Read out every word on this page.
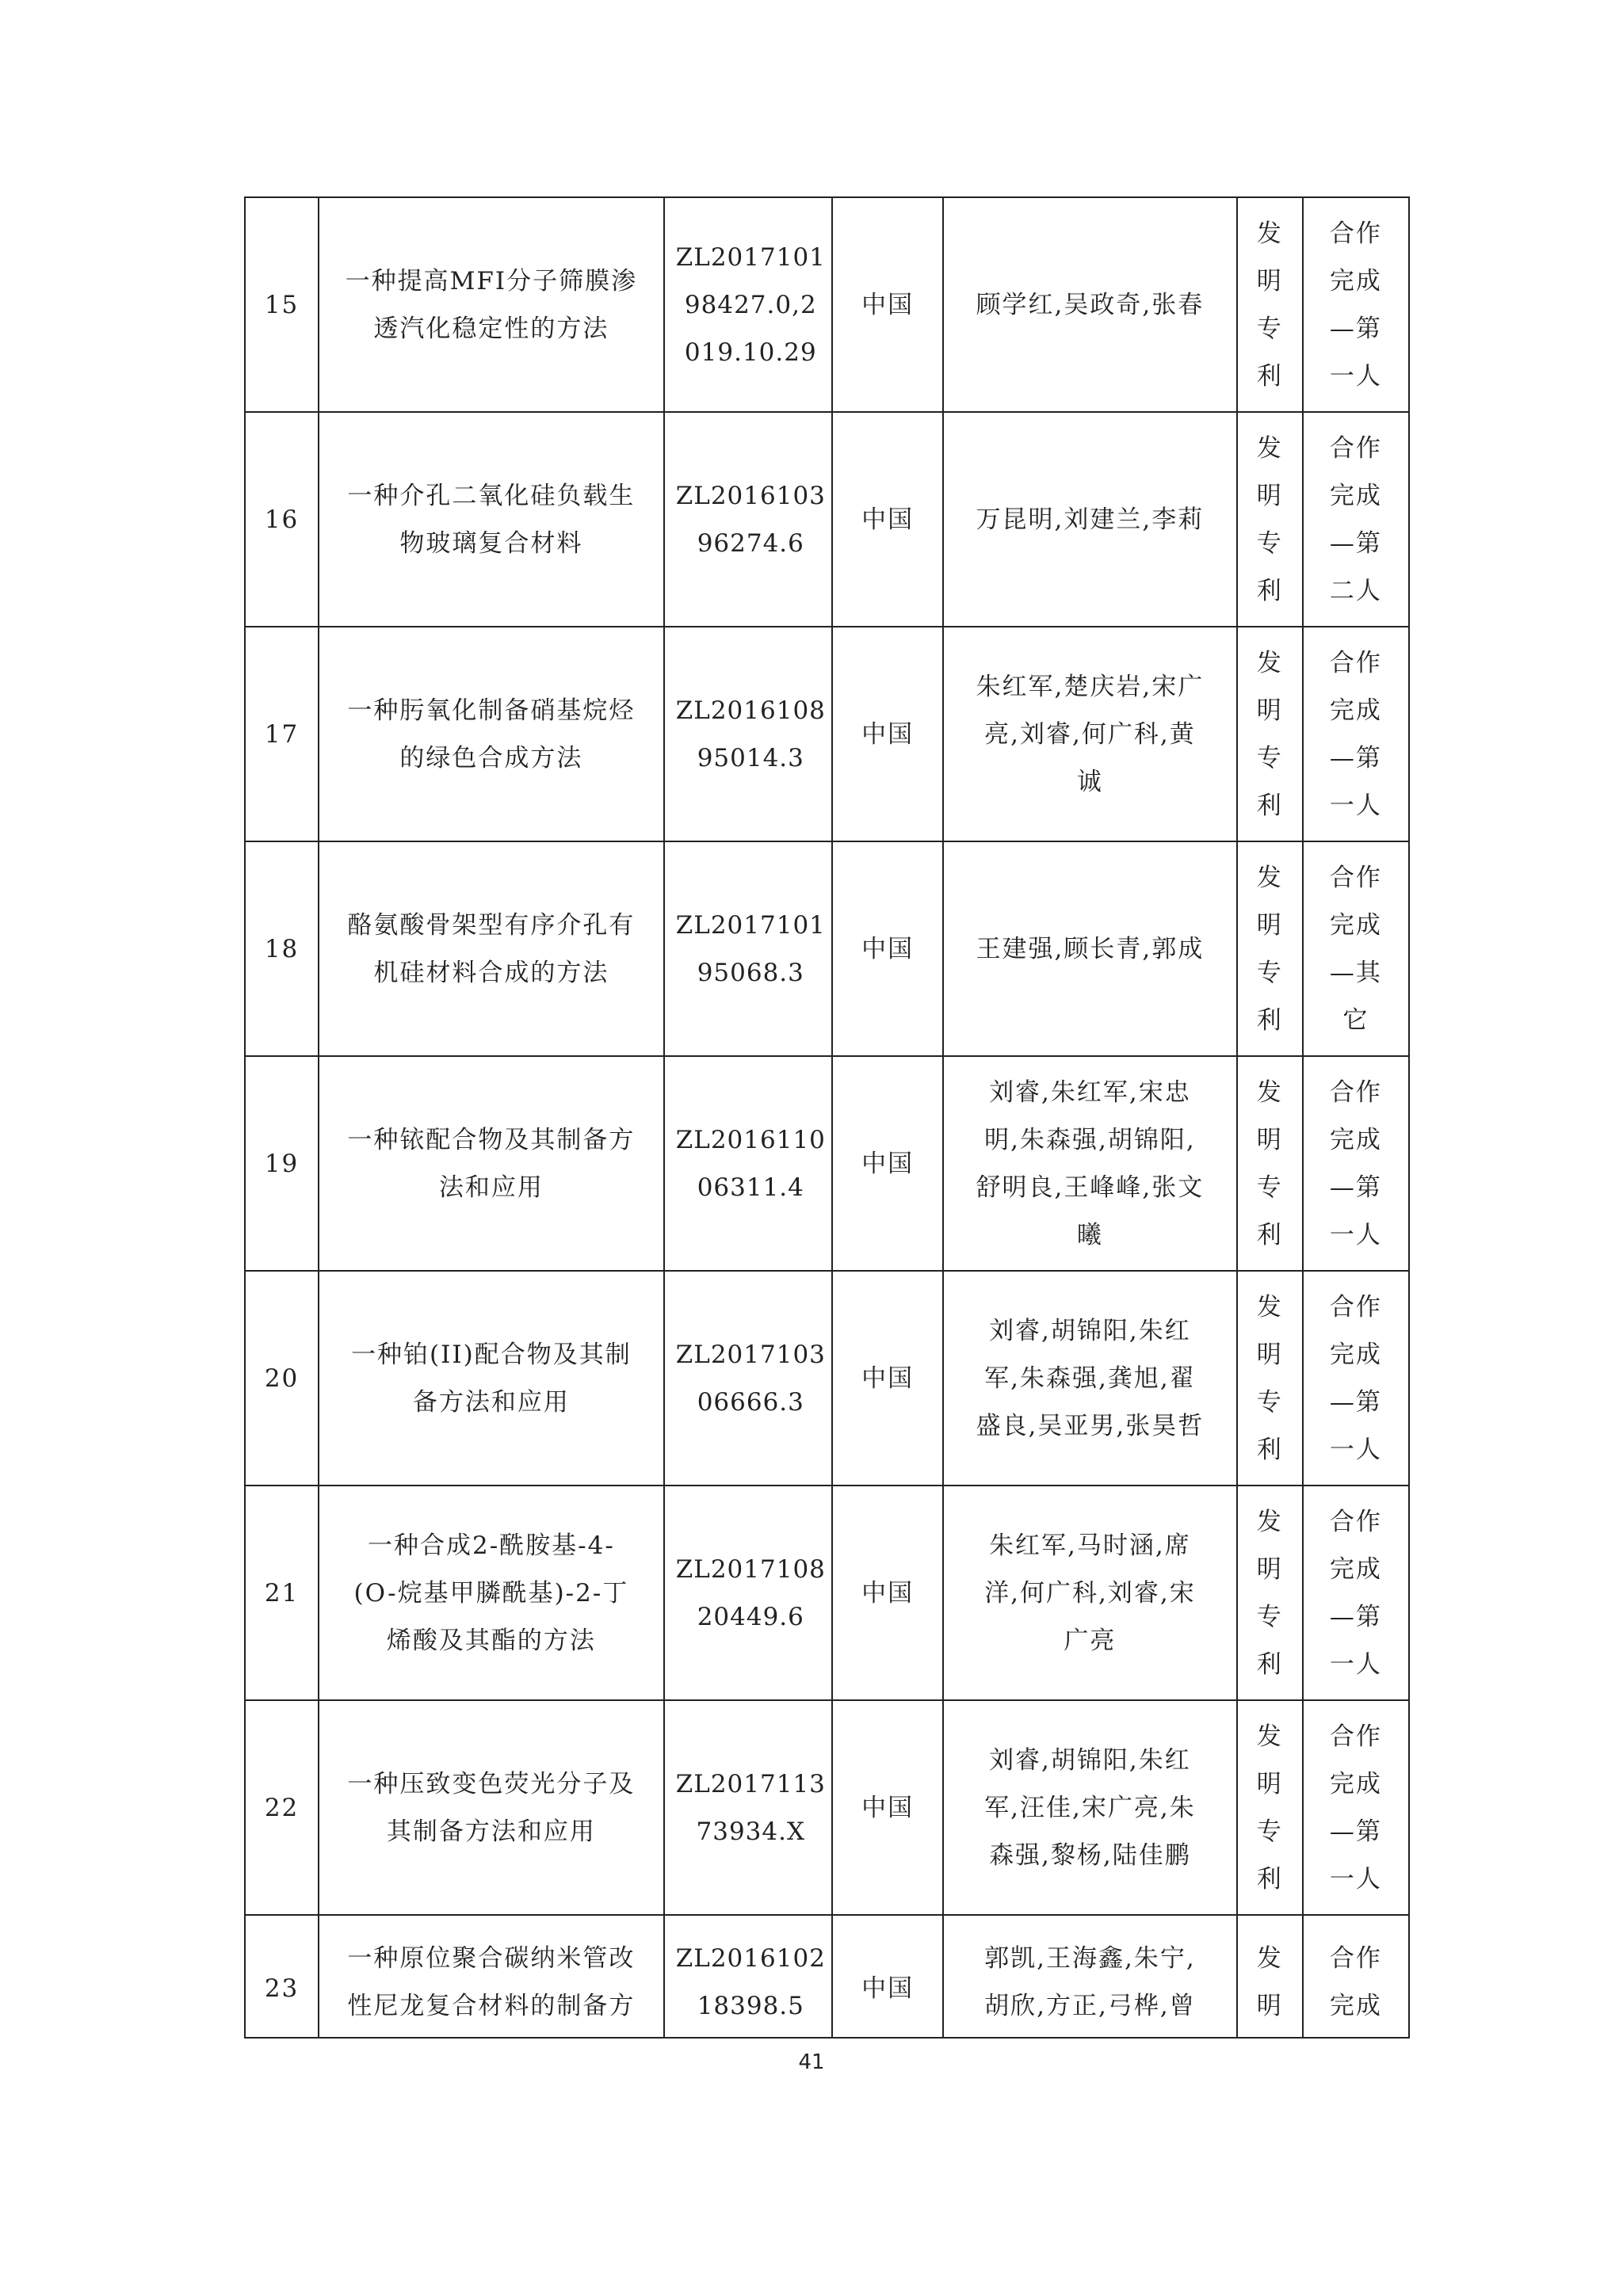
15	一种提高MFI分子筛膜渗
透汽化稳定性的方法	ZL2017101
98427.0,2
019.10.29	中国	顾学红,吴政奇,张春	发
明
专
利	合作
完成
—第
一人
16	一种介孔二氧化硅负载生
物玻璃复合材料	ZL2016103
96274.6	中国	万昆明,刘建兰,李莉	发
明
专
利	合作
完成
—第
二人
17	一种肟氧化制备硝基烷烃
的绿色合成方法	ZL2016108
95014.3	中国	朱红军,楚庆岩,宋广
亮,刘睿,何广科,黄
诚	发
明
专
利	合作
完成
—第
一人
18	酪氨酸骨架型有序介孔有
机硅材料合成的方法	ZL2017101
95068.3	中国	王建强,顾长青,郭成	发
明
专
利	合作
完成
—其
它
19	一种铱配合物及其制备方
法和应用	ZL2016110
06311.4	中国	刘睿,朱红军,宋忠
明,朱森强,胡锦阳,
舒明良,王峰峰,张文
曦	发
明
专
利	合作
完成
—第
一人
20	一种铂(II)配合物及其制
备方法和应用	ZL2017103
06666.3	中国	刘睿,胡锦阳,朱红
军,朱森强,龚旭,翟
盛良,吴亚男,张昊哲	发
明
专
利	合作
完成
—第
一人
21	一种合成2-酰胺基-4-
(O-烷基甲膦酰基)-2-丁
烯酸及其酯的方法	ZL2017108
20449.6	中国	朱红军,马时涵,席
洋,何广科,刘睿,宋
广亮	发
明
专
利	合作
完成
—第
一人
22	一种压致变色荧光分子及
其制备方法和应用	ZL2017113
73934.X	中国	刘睿,胡锦阳,朱红
军,汪佳,宋广亮,朱
森强,黎杨,陆佳鹏	发
明
专
利	合作
完成
—第
一人
23	一种原位聚合碳纳米管改
性尼龙复合材料的制备方	ZL2016102
18398.5	中国	郭凯,王海鑫,朱宁,
胡欣,方正,弓桦,曾	发
明	合作
完成
41
